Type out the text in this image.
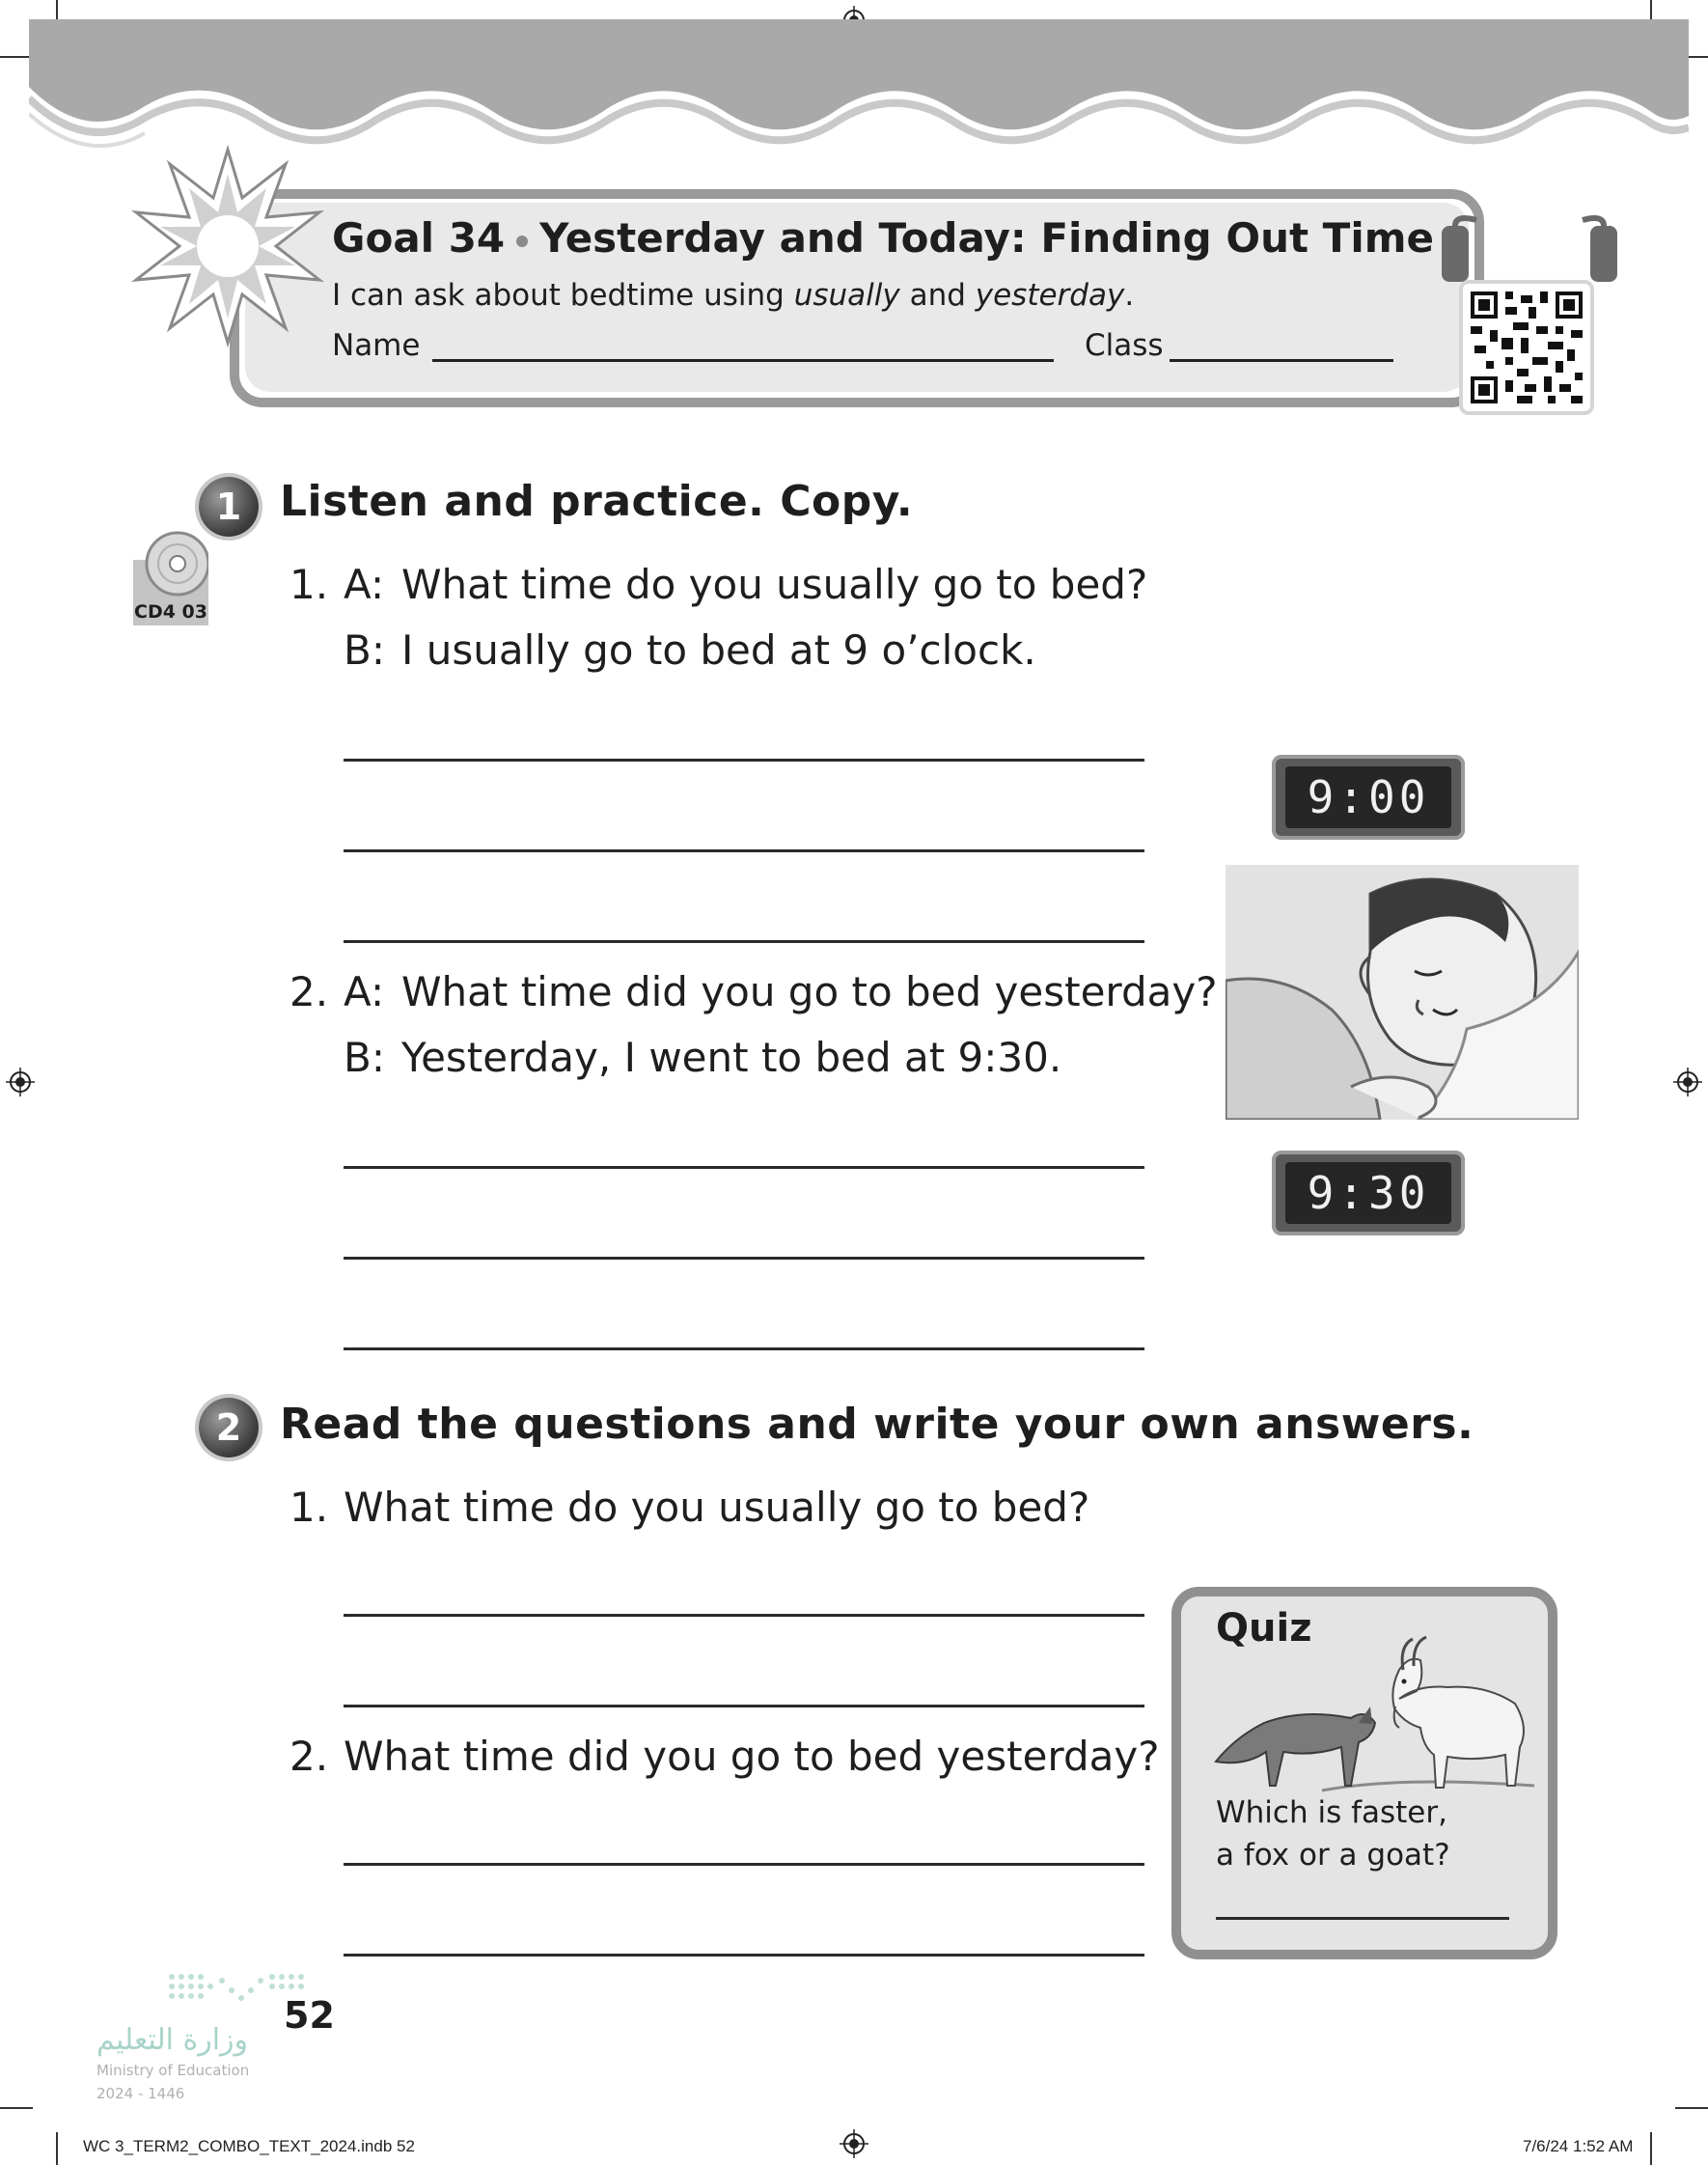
Goal 34 Yesterday and Today: Finding Out Time
I can ask about bedtime using usually and yesterday.
Name	Class
1 Listen and practice. Copy.
CD4 03
1. A: What time do you usually go to bed?
B: I usually go to bed at 9 o’clock.
9:00
2. A: What time did you go to bed yesterday?
B: Yesterday, I went to bed at 9:30.
9:30
2 Read the questions and write your own answers.
1. What time do you usually go to bed?
2. What time did you go to bed yesterday?
Quiz
Which is faster,
a fox or a goat?
52
وزارة التعليم
Ministry of Education
2024 - 1446
WC 3_TERM2_COMBO_TEXT_2024.indb 52	7/6/24 1:52 AM
